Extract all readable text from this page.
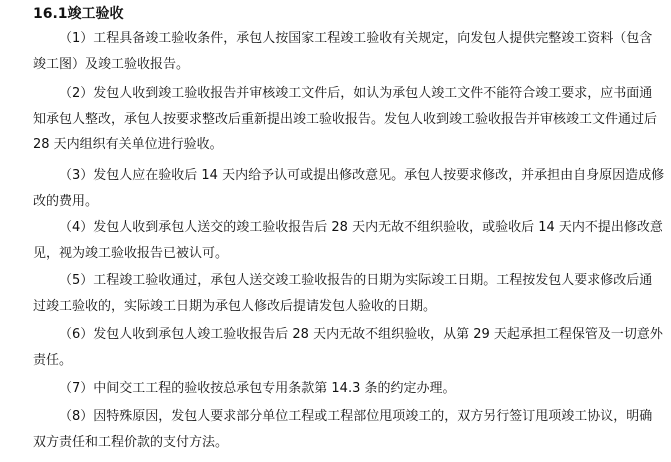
16.1竣工验收

（1）工程具备竣工验收条件，承包人按国家工程竣工验收有关规定，向发包人提供完整竣工资料（包含竣工图）及竣工验收报告。

（2）发包人收到竣工验收报告并审核竣工文件后，如认为承包人竣工文件不能符合竣工要求，应书面通知承包人整改，承包人按要求整改后重新提出竣工验收报告。发包人收到竣工验收报告并审核竣工文件通过后 28 天内组织有关单位进行验收。

（3）发包人应在验收后 14 天内给予认可或提出修改意见。承包人按要求修改，并承担由自身原因造成修改的费用。

（4）发包人收到承包人送交的竣工验收报告后 28 天内无故不组织验收，或验收后 14 天内不提出修改意见，视为竣工验收报告已被认可。

（5）工程竣工验收通过，承包人送交竣工验收报告的日期为实际竣工日期。工程按发包人要求修改后通过竣工验收的，实际竣工日期为承包人修改后提请发包人验收的日期。

（6）发包人收到承包人竣工验收报告后 28 天内无故不组织验收，从第 29 天起承担工程保管及一切意外责任。

（7）中间交工工程的验收按总承包专用条款第 14.3 条的约定办理。

（8）因特殊原因，发包人要求部分单位工程或工程部位甩项竣工的，双方另行签订甩项竣工协议，明确双方责任和工程价款的支付方法。
